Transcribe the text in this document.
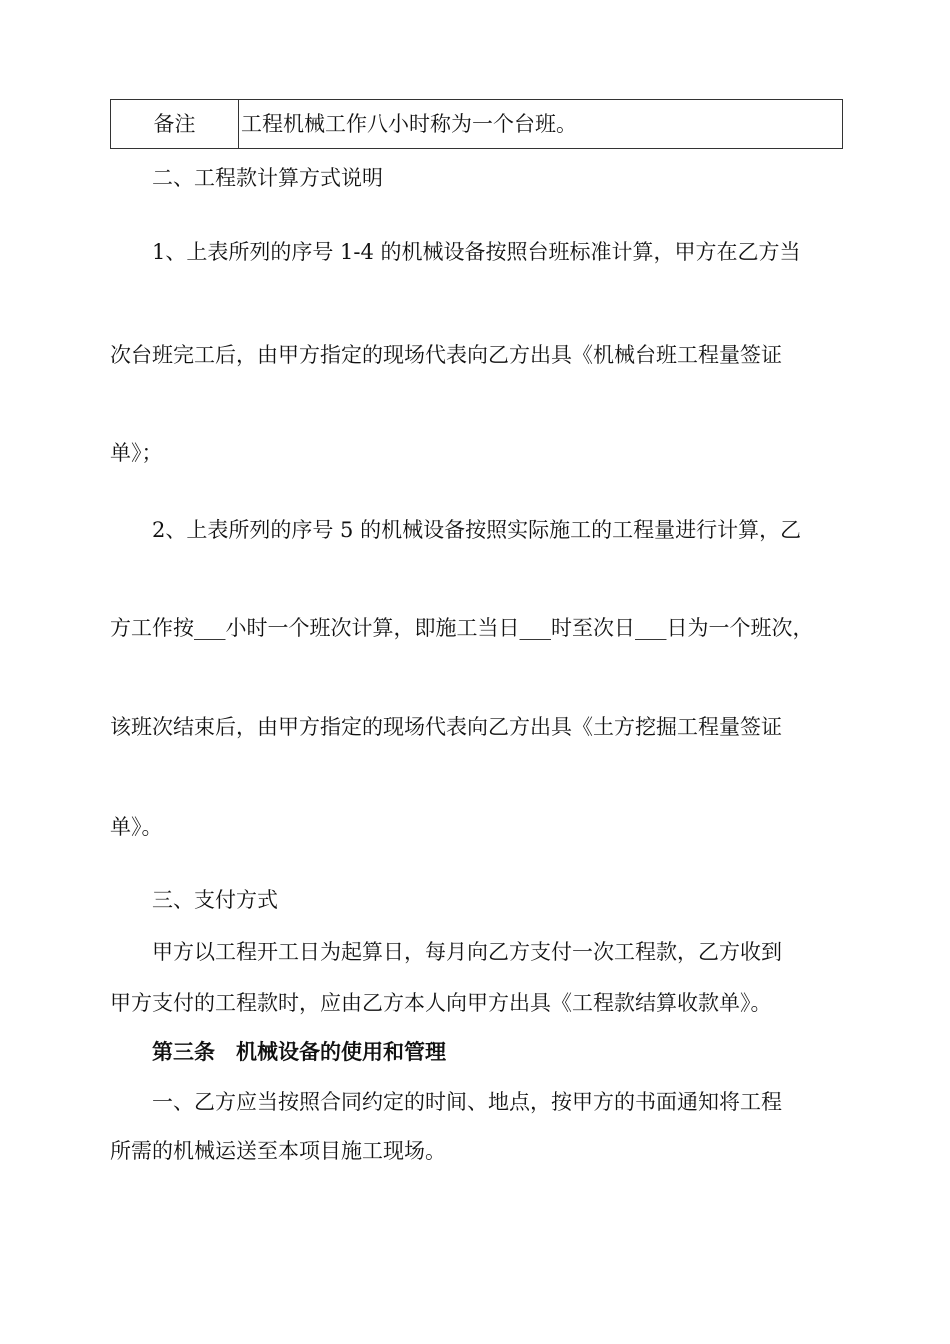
备注	工程机械工作八小时称为一个台班。
二、工程款计算方式说明
1、上表所列的序号 1-4 的机械设备按照台班标准计算，甲方在乙方当
次台班完工后，由甲方指定的现场代表向乙方出具《机械台班工程量签证
单》；
2、上表所列的序号 5 的机械设备按照实际施工的工程量进行计算，乙
方工作按___小时一个班次计算，即施工当日___时至次日___日为一个班次，
该班次结束后，由甲方指定的现场代表向乙方出具《土方挖掘工程量签证
单》。
三、支付方式
甲方以工程开工日为起算日，每月向乙方支付一次工程款，乙方收到
甲方支付的工程款时，应由乙方本人向甲方出具《工程款结算收款单》。
第三条　机械设备的使用和管理
一、乙方应当按照合同约定的时间、地点，按甲方的书面通知将工程
所需的机械运送至本项目施工现场。
